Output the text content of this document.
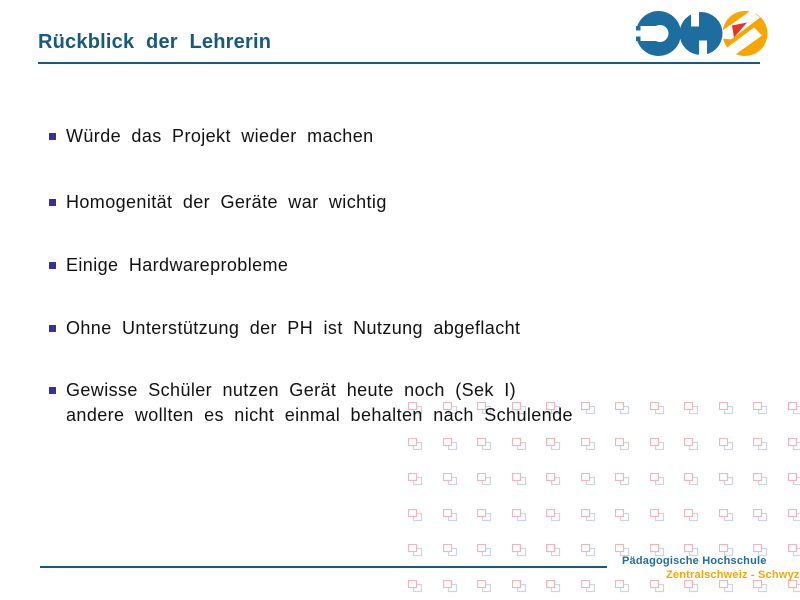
Rückblick der Lehrerin
Würde das Projekt wieder machen
Homogenität der Geräte war wichtig
Einige Hardwareprobleme
Ohne Unterstützung der PH ist Nutzung abgeflacht
Gewisse Schüler nutzen Gerät heute noch (Sek I)
andere wollten es nicht einmal behalten nach Schulende
Pädagogische Hochschule
Zentralschweiz - Schwyz
